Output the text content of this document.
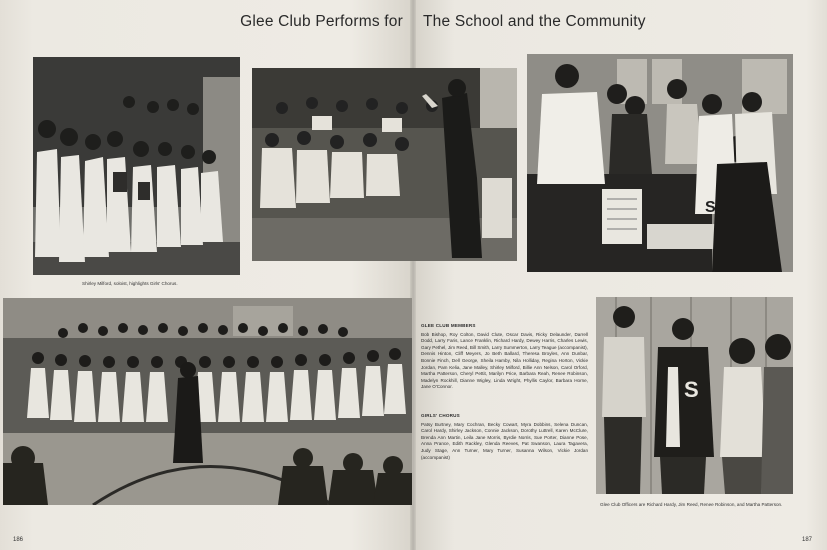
Glee Club Performs for The School and the Community
Shirley Milford, soloist, highlights Girls' Chorus.
S
GLEE CLUB MEMBERS
Bob Bishop, Roy Colton, David Clute, Oscar Davis, Ricky Delaunder, Darrell Dodd, Larry Faris, Lance Franklin, Richard Hardy, Dewey Harris, Charles Lewis, Gary Pethel, Jim Reed, Bill Smith, Larry Summerton, Larry Teague (accompanist), Dennis Hinton, Cliff Meyers, Jo Beth Ballard, Theresa Broyles, Ann Dunbar, Bonnie Finch, Dell George, Sheila Hamby, Nila Holliday, Regina Horton, Vickie Jordan, Pam Kelia, Jane Malley, Shirley Milford, Billie Ann Nelson, Carol Orford, Martha Patterson, Cheryl Pettit, Marilyn Price, Barbara Reah, Renee Robinson, Madelyn Rockhill, Dianne Wigley, Linda Wright, Phyllis Caylor, Barbara Horne, Jane O'Connor.
GIRLS' CHORUS
Patsy Burtney, Mary Cochran, Becky Cowart, Myra Dobbins, Selena Duncan, Carol Hardy, Shirley Jackson, Connie Jackson, Dorothy Luttrell, Karen McClure, Brenda Ann Martin, Leila Jane Morris, Byrdie Norris, Sue Porter, Dianne Pose, Anna Prance, Edith Rackley, Glenda Reeves, Pat Swanson, Laura Tagavera, Judy Stage, Ann Turner, Mary Turner, Susanna Wilson, Vickie Jordan (accompanist)
S
Glee Club Officers are Richard Hardy, Jim Reed, Renee Robinson, and Martha Patterson.
186	187
